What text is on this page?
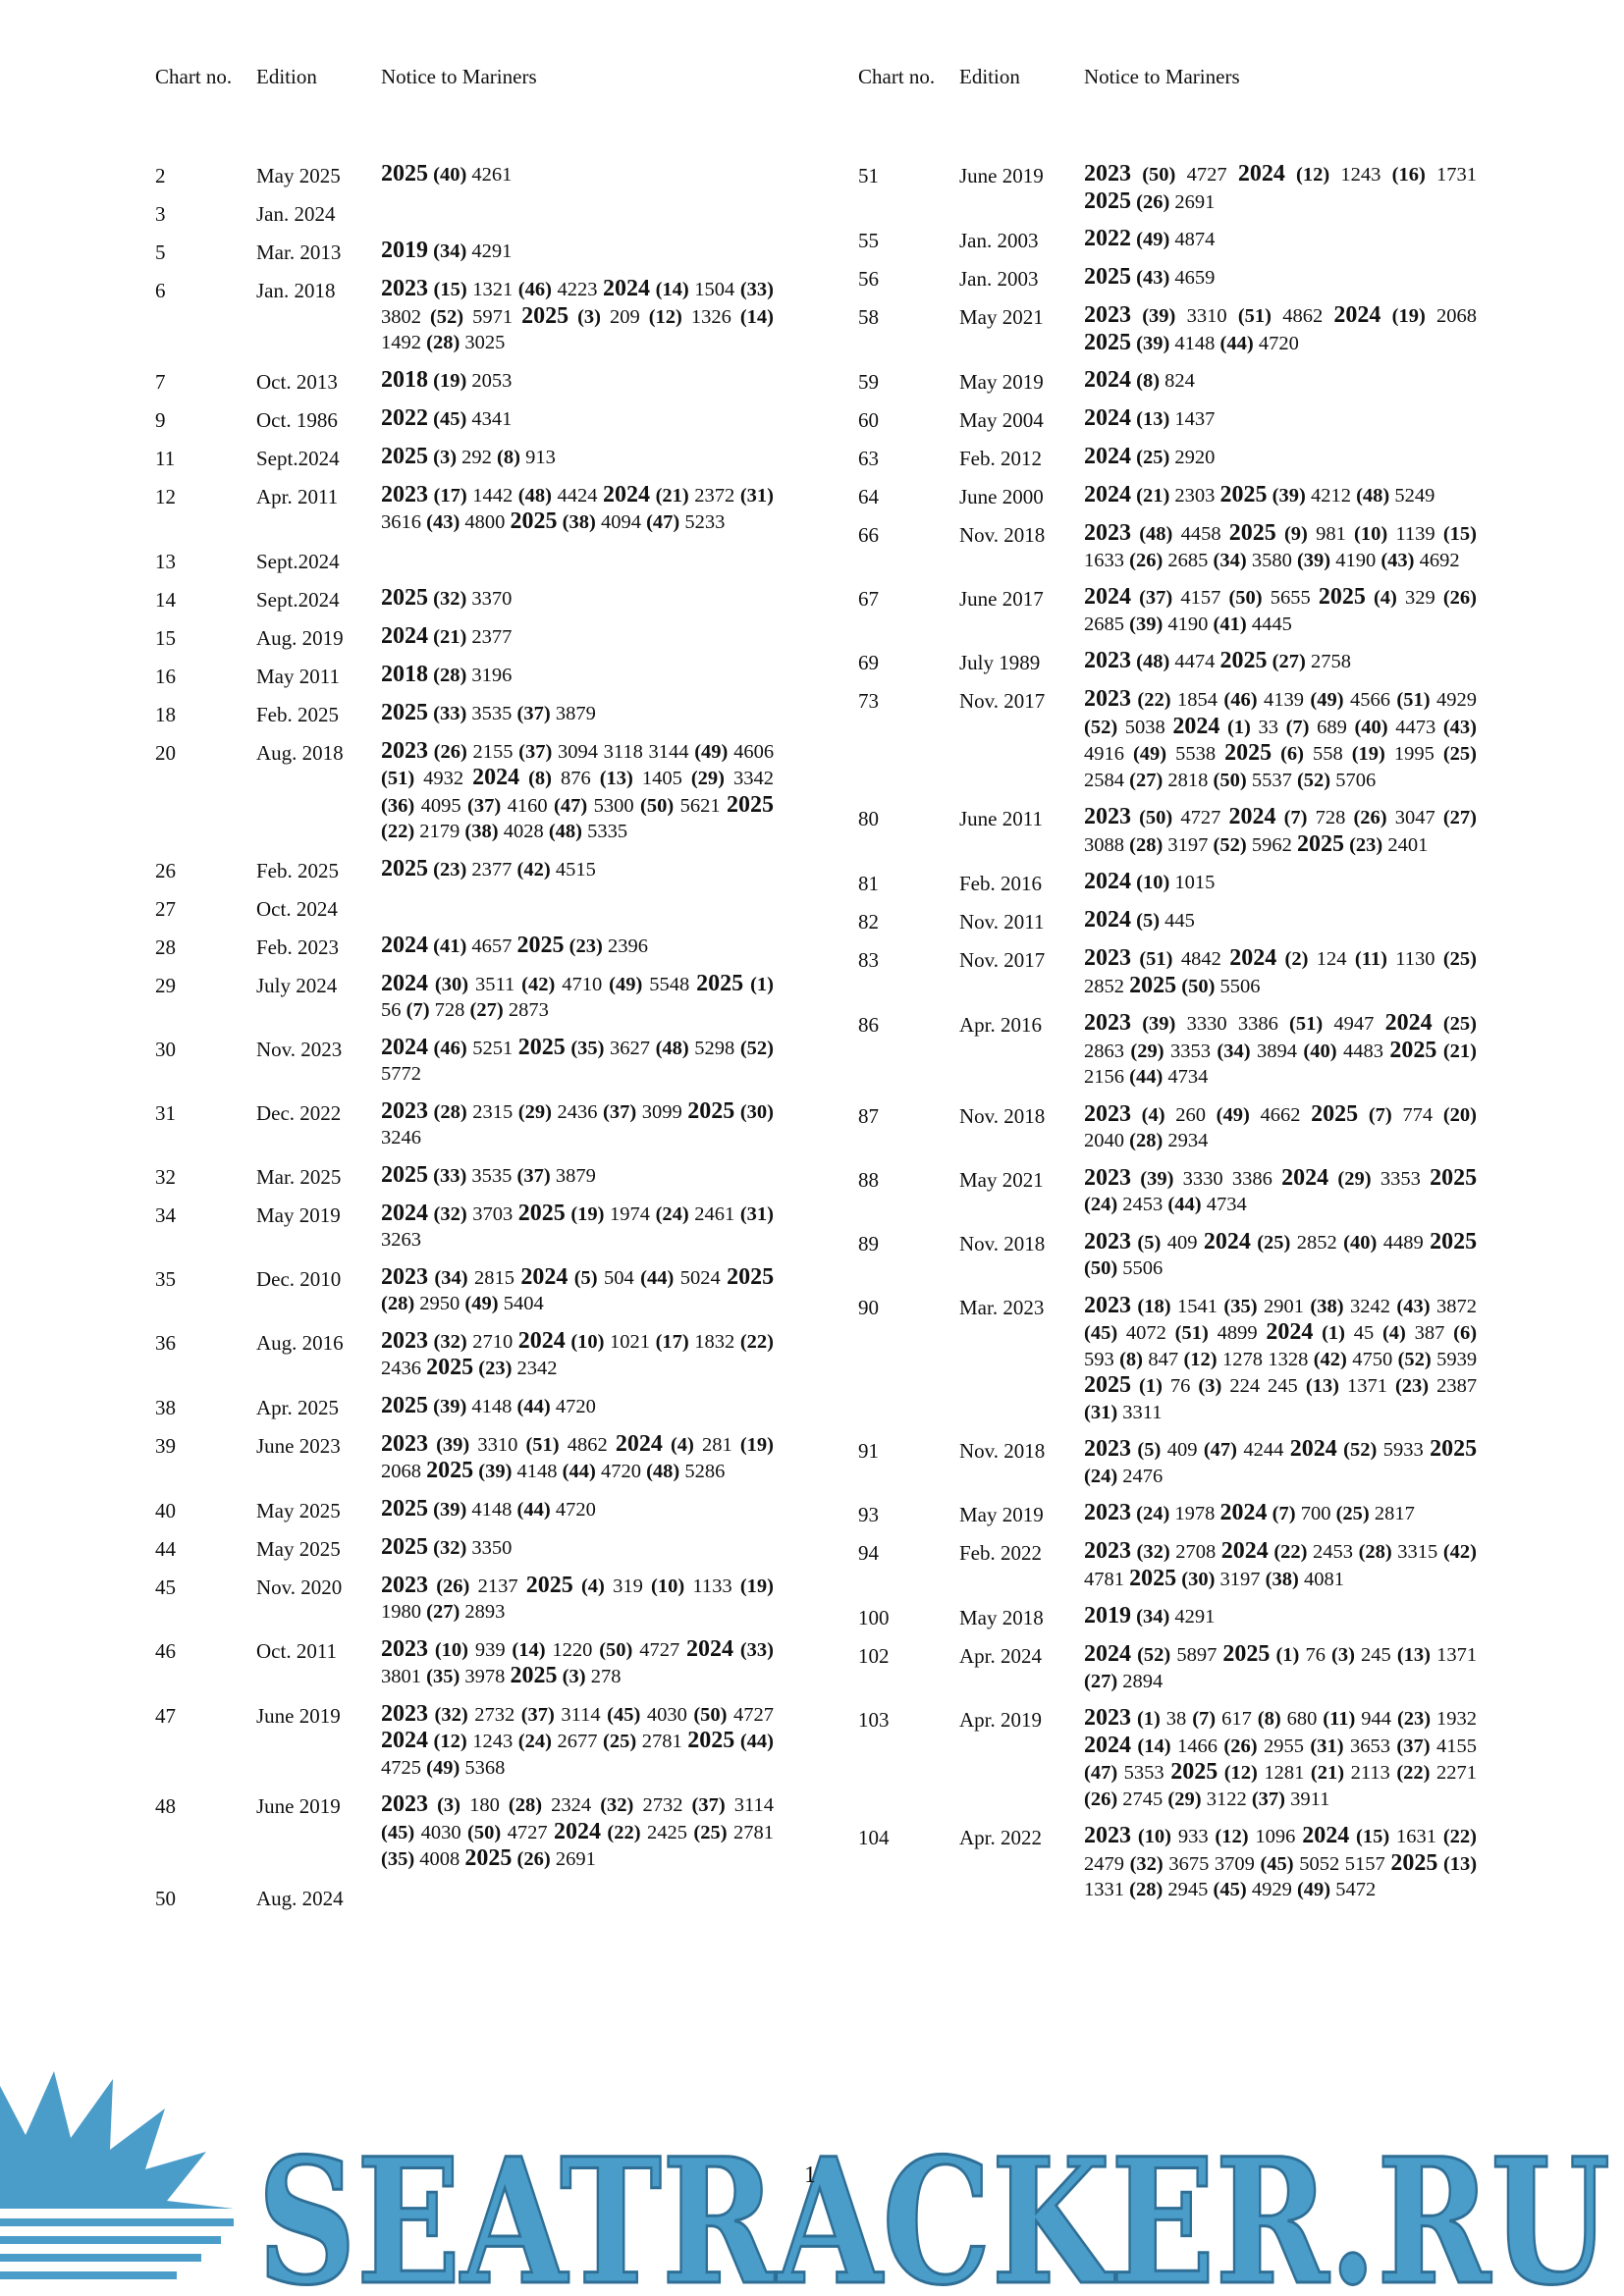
SEATRACKER.RU
Chart no. Edition	Notice to Mariners
2	May 2025 2025 (40) 4261
3	Jan. 2024
5	Mar. 2013 2019 (34) 4291
6	Jan. 2018 2023 (15) 1321 (46) 4223 2024 (14) 1504 (33) 3802 (52) 5971 2025 (3) 209 (12) 1326 (14) 1492 (28) 3025
7	Oct. 2013 2018 (19) 2053
9	Oct. 1986 2022 (45) 4341
11	Sept.2024 2025 (3) 292 (8) 913
12	Apr. 2011 2023 (17) 1442 (48) 4424 2024 (21) 2372 (31) 3616 (43) 4800 2025 (38) 4094 (47) 5233
13	Sept.2024
14	Sept.2024 2025 (32) 3370
15	Aug. 2019 2024 (21) 2377
16	May 2011 2018 (28) 3196
18	Feb. 2025 2025 (33) 3535 (37) 3879
20	Aug. 2018 2023 (26) 2155 (37) 3094 3118 3144 (49) 4606 (51) 4932 2024 (8) 876 (13) 1405 (29) 3342 (36) 4095 (37) 4160 (47) 5300 (50) 5621 2025 (22) 2179 (38) 4028 (48) 5335
26	Feb. 2025 2025 (23) 2377 (42) 4515
27	Oct. 2024
28	Feb. 2023 2024 (41) 4657 2025 (23) 2396
29	July 2024 2024 (30) 3511 (42) 4710 (49) 5548 2025 (1) 56 (7) 728 (27) 2873
30	Nov. 2023 2024 (46) 5251 2025 (35) 3627 (48) 5298 (52) 5772
31	Dec. 2022 2023 (28) 2315 (29) 2436 (37) 3099 2025 (30) 3246
32	Mar. 2025 2025 (33) 3535 (37) 3879
34	May 2019 2024 (32) 3703 2025 (19) 1974 (24) 2461 (31) 3263
35	Dec. 2010 2023 (34) 2815 2024 (5) 504 (44) 5024 2025 (28) 2950 (49) 5404
36	Aug. 2016 2023 (32) 2710 2024 (10) 1021 (17) 1832 (22) 2436 2025 (23) 2342
38	Apr. 2025 2025 (39) 4148 (44) 4720
39	June 2023 2023 (39) 3310 (51) 4862 2024 (4) 281 (19) 2068 2025 (39) 4148 (44) 4720 (48) 5286
40	May 2025 2025 (39) 4148 (44) 4720
44	May 2025 2025 (32) 3350
45	Nov. 2020 2023 (26) 2137 2025 (4) 319 (10) 1133 (19) 1980 (27) 2893
46	Oct. 2011 2023 (10) 939 (14) 1220 (50) 4727 2024 (33) 3801 (35) 3978 2025 (3) 278
47	June 2019 2023 (32) 2732 (37) 3114 (45) 4030 (50) 4727 2024 (12) 1243 (24) 2677 (25) 2781 2025 (44) 4725 (49) 5368
48	June 2019 2023 (3) 180 (28) 2324 (32) 2732 (37) 3114 (45) 4030 (50) 4727 2024 (22) 2425 (25) 2781 (35) 4008 2025 (26) 2691
50	Aug. 2024
Chart no. Edition	Notice to Mariners
51	June 2019 2023 (50) 4727 2024 (12) 1243 (16) 1731 2025 (26) 2691
55	Jan. 2003 2022 (49) 4874
56	Jan. 2003 2025 (43) 4659
58	May 2021 2023 (39) 3310 (51) 4862 2024 (19) 2068 2025 (39) 4148 (44) 4720
59	May 2019 2024 (8) 824
60	May 2004 2024 (13) 1437
63	Feb. 2012 2024 (25) 2920
64	June 2000 2024 (21) 2303 2025 (39) 4212 (48) 5249
66	Nov. 2018 2023 (48) 4458 2025 (9) 981 (10) 1139 (15) 1633 (26) 2685 (34) 3580 (39) 4190 (43) 4692
67	June 2017 2024 (37) 4157 (50) 5655 2025 (4) 329 (26) 2685 (39) 4190 (41) 4445
69	July 1989 2023 (48) 4474 2025 (27) 2758
73	Nov. 2017 2023 (22) 1854 (46) 4139 (49) 4566 (51) 4929 (52) 5038 2024 (1) 33 (7) 689 (40) 4473 (43) 4916 (49) 5538 2025 (6) 558 (19) 1995 (25) 2584 (27) 2818 (50) 5537 (52) 5706
80	June 2011 2023 (50) 4727 2024 (7) 728 (26) 3047 (27) 3088 (28) 3197 (52) 5962 2025 (23) 2401
81	Feb. 2016 2024 (10) 1015
82	Nov. 2011 2024 (5) 445
83	Nov. 2017 2023 (51) 4842 2024 (2) 124 (11) 1130 (25) 2852 2025 (50) 5506
86	Apr. 2016 2023 (39) 3330 3386 (51) 4947 2024 (25) 2863 (29) 3353 (34) 3894 (40) 4483 2025 (21) 2156 (44) 4734
87	Nov. 2018 2023 (4) 260 (49) 4662 2025 (7) 774 (20) 2040 (28) 2934
88	May 2021 2023 (39) 3330 3386 2024 (29) 3353 2025 (24) 2453 (44) 4734
89	Nov. 2018 2023 (5) 409 2024 (25) 2852 (40) 4489 2025 (50) 5506
90	Mar. 2023 2023 (18) 1541 (35) 2901 (38) 3242 (43) 3872 (45) 4072 (51) 4899 2024 (1) 45 (4) 387 (6) 593 (8) 847 (12) 1278 1328 (42) 4750 (52) 5939 2025 (1) 76 (3) 224 245 (13) 1371 (23) 2387 (31) 3311
91	Nov. 2018 2023 (5) 409 (47) 4244 2024 (52) 5933 2025 (24) 2476
93	May 2019 2023 (24) 1978 2024 (7) 700 (25) 2817
94	Feb. 2022 2023 (32) 2708 2024 (22) 2453 (28) 3315 (42) 4781 2025 (30) 3197 (38) 4081
100	May 2018 2019 (34) 4291
102	Apr. 2024 2024 (52) 5897 2025 (1) 76 (3) 245 (13) 1371 (27) 2894
103	Apr. 2019 2023 (1) 38 (7) 617 (8) 680 (11) 944 (23) 1932 2024 (14) 1466 (26) 2955 (31) 3653 (37) 4155 (47) 5353 2025 (12) 1281 (21) 2113 (22) 2271 (26) 2745 (29) 3122 (37) 3911
104	Apr. 2022 2023 (10) 933 (12) 1096 2024 (15) 1631 (22) 2479 (32) 3675 3709 (45) 5052 5157 2025 (13) 1331 (28) 2945 (45) 4929 (49) 5472
1
